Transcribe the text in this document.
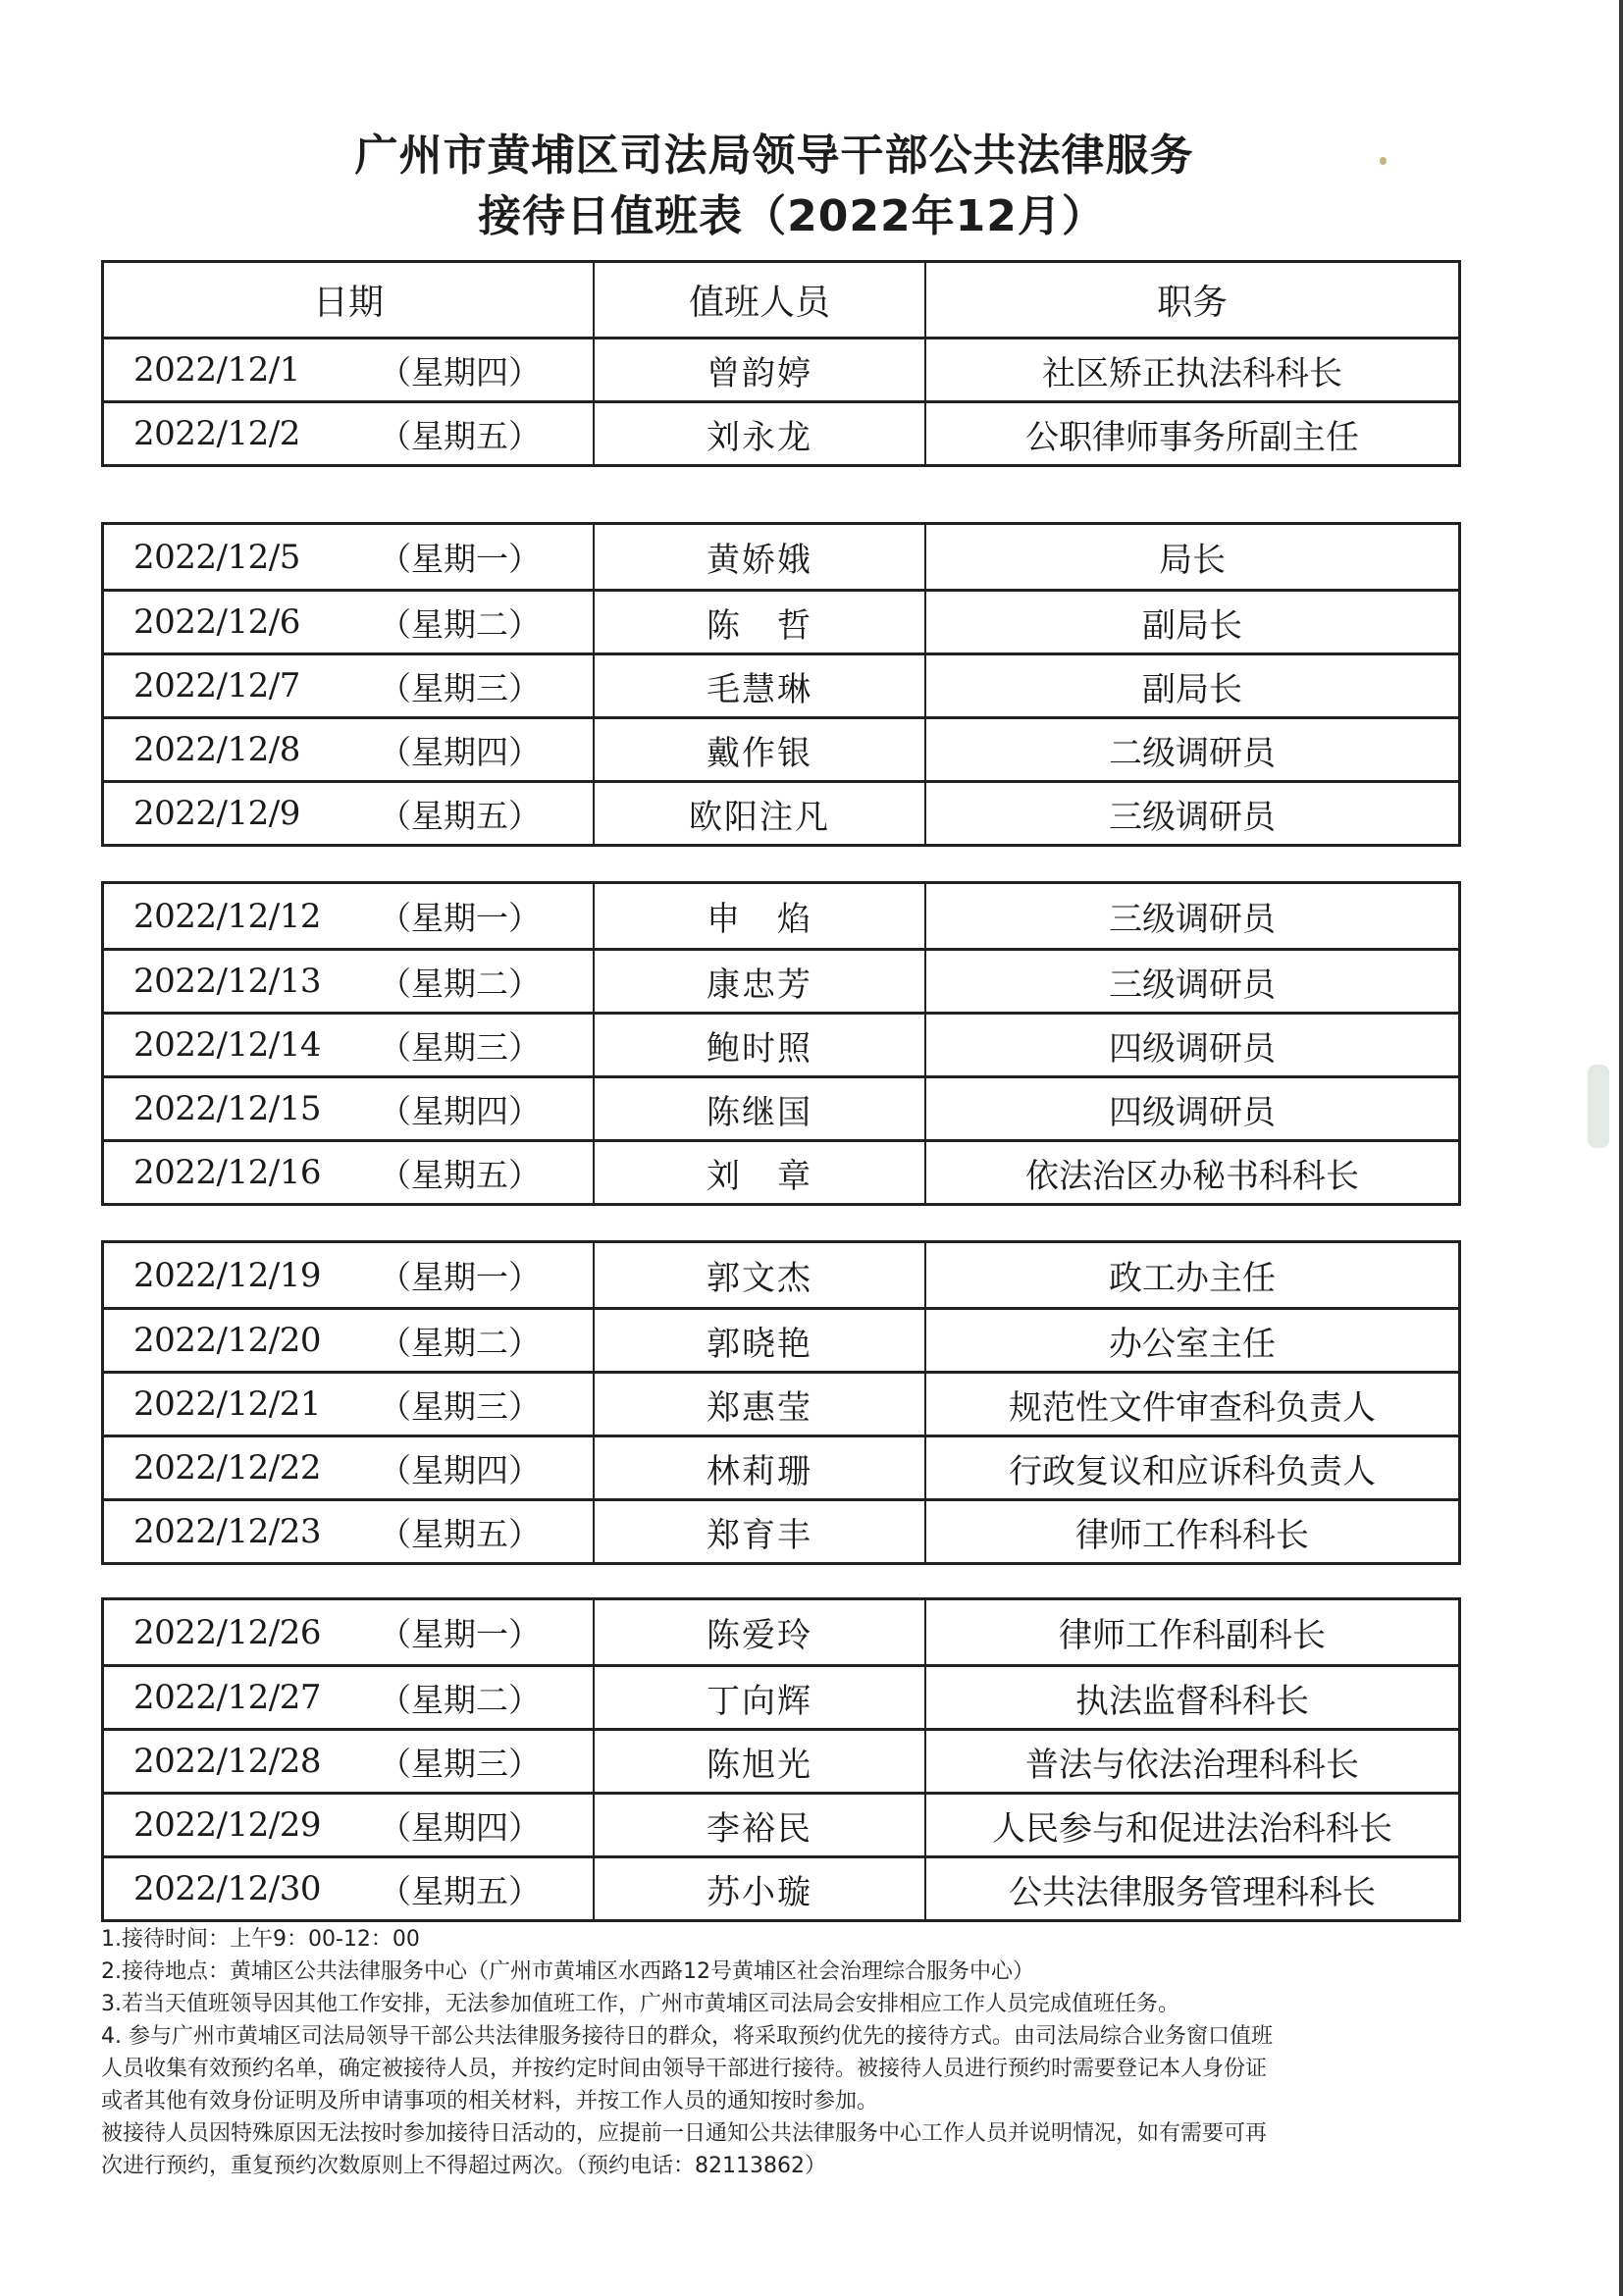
广州市黄埔区司法局领导干部公共法律服务
接待日值班表（2022年12月）
日期	值班人员	职务
2022/12/1	（星期四）	曾韵婷	社区矫正执法科科长
2022/12/2	（星期五）	刘永龙	公职律师事务所副主任
2022/12/5	（星期一）	黄娇娥	局长
2022/12/6	（星期二）	陈　哲	副局长
2022/12/7	（星期三）	毛慧琳	副局长
2022/12/8	（星期四）	戴作银	二级调研员
2022/12/9	（星期五）	欧阳注凡	三级调研员
2022/12/12	（星期一）	申　焰	三级调研员
2022/12/13	（星期二）	康忠芳	三级调研员
2022/12/14	（星期三）	鲍时照	四级调研员
2022/12/15	（星期四）	陈继国	四级调研员
2022/12/16	（星期五）	刘　章	依法治区办秘书科科长
2022/12/19	（星期一）	郭文杰	政工办主任
2022/12/20	（星期二）	郭晓艳	办公室主任
2022/12/21	（星期三）	郑惠莹	规范性文件审查科负责人
2022/12/22	（星期四）	林莉珊	行政复议和应诉科负责人
2022/12/23	（星期五）	郑育丰	律师工作科科长
2022/12/26	（星期一）	陈爱玲	律师工作科副科长
2022/12/27	（星期二）	丁向辉	执法监督科科长
2022/12/28	（星期三）	陈旭光	普法与依法治理科科长
2022/12/29	（星期四）	李裕民	人民参与和促进法治科科长
2022/12/30	（星期五）	苏小璇	公共法律服务管理科科长
1.接待时间：上午9：00-12：00
2.接待地点：黄埔区公共法律服务中心（广州市黄埔区水西路12号黄埔区社会治理综合服务中心）
3.若当天值班领导因其他工作安排，无法参加值班工作，广州市黄埔区司法局会安排相应工作人员完成值班任务。
4. 参与广州市黄埔区司法局领导干部公共法律服务接待日的群众，将采取预约优先的接待方式。由司法局综合业务窗口值班
人员收集有效预约名单，确定被接待人员，并按约定时间由领导干部进行接待。被接待人员进行预约时需要登记本人身份证
或者其他有效身份证明及所申请事项的相关材料，并按工作人员的通知按时参加。
被接待人员因特殊原因无法按时参加接待日活动的，应提前一日通知公共法律服务中心工作人员并说明情况，如有需要可再
次进行预约，重复预约次数原则上不得超过两次。（预约电话：82113862）
